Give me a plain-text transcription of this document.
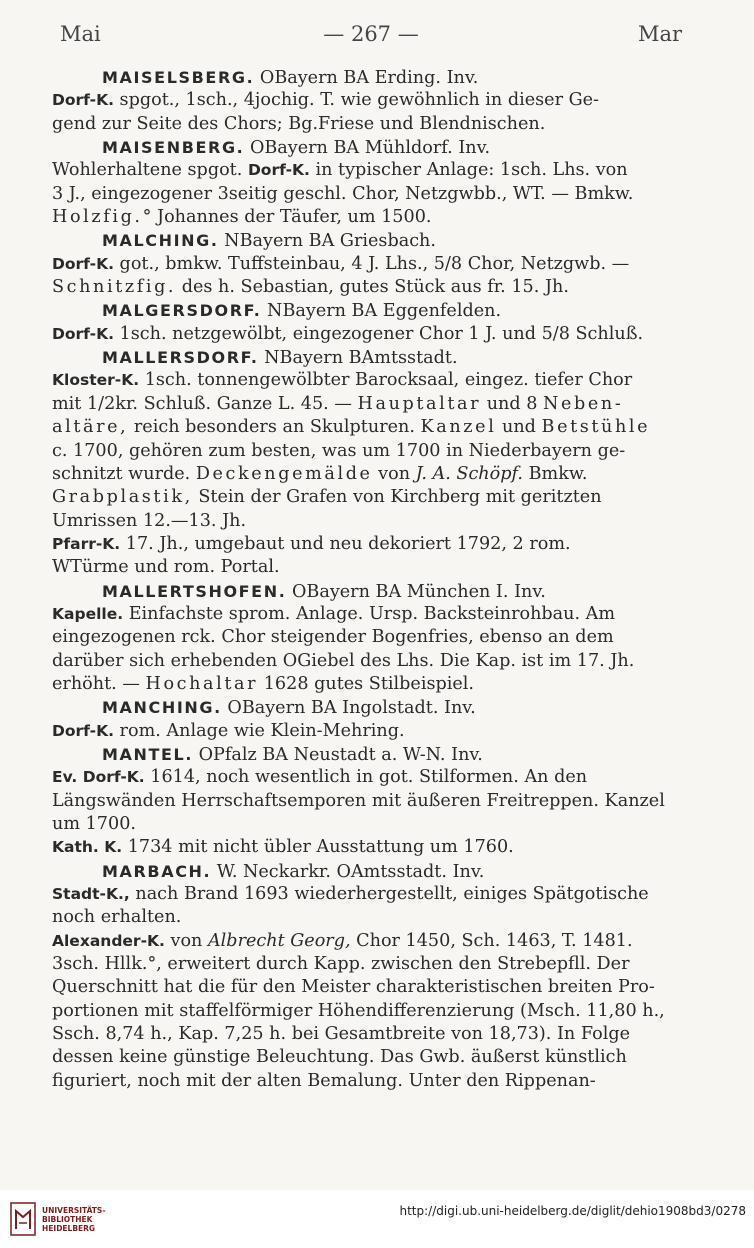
Mai	— 267 —	Mar
MAISELSBERG. OBayern BA Erding. Inv.
Dorf-K. spgot., 1sch., 4jochig. T. wie gewöhnlich in dieser Ge-
gend zur Seite des Chors; Bg.Friese und Blendnischen.
MAISENBERG. OBayern BA Mühldorf. Inv.
Wohlerhaltene spgot. Dorf-K. in typischer Anlage: 1sch. Lhs. von
3 J., eingezogener 3seitig geschl. Chor, Netzgwbb., WT. — Bmkw.
Holzfig.° Johannes der Täufer, um 1500.
MALCHING. NBayern BA Griesbach.
Dorf-K. got., bmkw. Tuffsteinbau, 4 J. Lhs., 5/8 Chor, Netzgwb. —
Schnitzfig. des h. Sebastian, gutes Stück aus fr. 15. Jh.
MALGERSDORF. NBayern BA Eggenfelden.
Dorf-K. 1sch. netzgewölbt, eingezogener Chor 1 J. und 5/8 Schluß.
MALLERSDORF. NBayern BAmtsstadt.
Kloster-K. 1sch. tonnengewölbter Barocksaal, eingez. tiefer Chor
mit 1/2kr. Schluß. Ganze L. 45. — Hauptaltar und 8 Neben-
altäre, reich besonders an Skulpturen. Kanzel und Betstühle
c. 1700, gehören zum besten, was um 1700 in Niederbayern ge-
schnitzt wurde. Deckengemälde von J. A. Schöpf. Bmkw.
Grabplastik, Stein der Grafen von Kirchberg mit geritzten
Umrissen 12.—13. Jh.
Pfarr-K. 17. Jh., umgebaut und neu dekoriert 1792, 2 rom.
WTürme und rom. Portal.
MALLERTSHOFEN. OBayern BA München I. Inv.
Kapelle. Einfachste sprom. Anlage. Ursp. Backsteinrohbau. Am
eingezogenen rck. Chor steigender Bogenfries, ebenso an dem
darüber sich erhebenden OGiebel des Lhs. Die Kap. ist im 17. Jh.
erhöht. — Hochaltar 1628 gutes Stilbeispiel.
MANCHING. OBayern BA Ingolstadt. Inv.
Dorf-K. rom. Anlage wie Klein-Mehring.
MANTEL. OPfalz BA Neustadt a. W-N. Inv.
Ev. Dorf-K. 1614, noch wesentlich in got. Stilformen. An den
Längswänden Herrschaftsemporen mit äußeren Freitreppen. Kanzel
um 1700.
Kath. K. 1734 mit nicht übler Ausstattung um 1760.
MARBACH. W. Neckarkr. OAmtsstadt. Inv.
Stadt-K., nach Brand 1693 wiederhergestellt, einiges Spätgotische
noch erhalten.
Alexander-K. von Albrecht Georg, Chor 1450, Sch. 1463, T. 1481.
3sch. Hllk.°, erweitert durch Kapp. zwischen den Strebepfll. Der
Querschnitt hat die für den Meister charakteristischen breiten Pro-
portionen mit staffelförmiger Höhendifferenzierung (Msch. 11,80 h.,
Ssch. 8,74 h., Kap. 7,25 h. bei Gesamtbreite von 18,73). In Folge
dessen keine günstige Beleuchtung. Das Gwb. äußerst künstlich
figuriert, noch mit der alten Bemalung. Unter den Rippenan-
UNIVERSITÄTS-
BIBLIOTHEK
HEIDELBERG
http://digi.ub.uni-heidelberg.de/diglit/dehio1908bd3/0278
